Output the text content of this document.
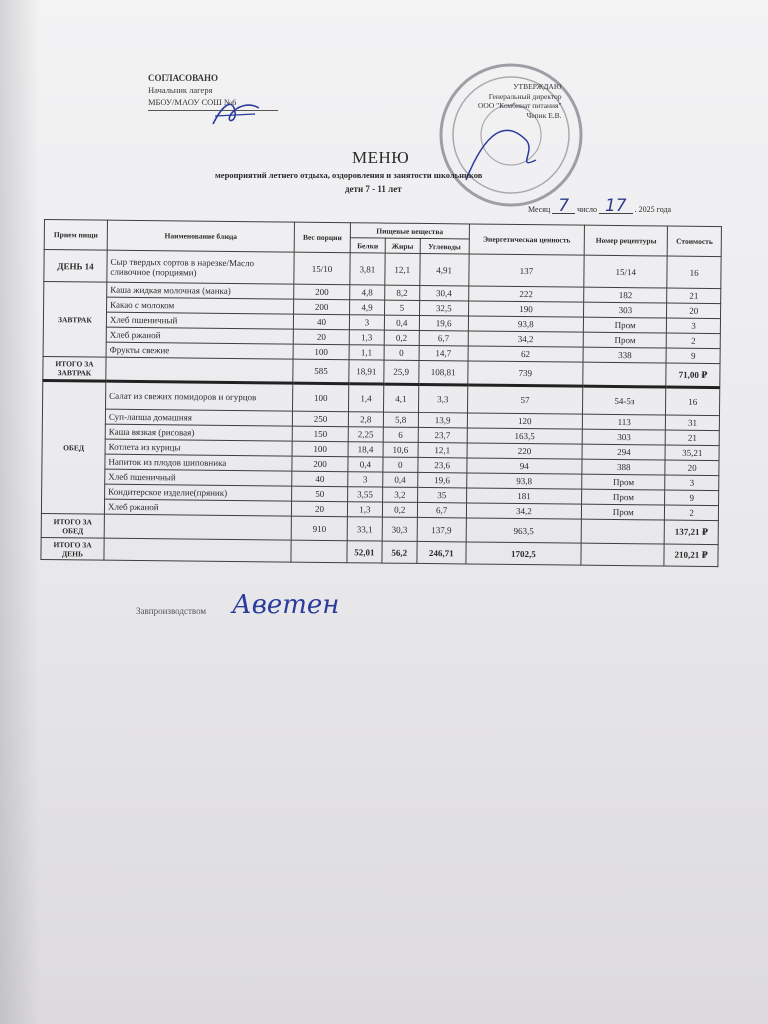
СОГЛАСОВАНО
Начальник лагеря
МБОУ/МАОУ СОШ №6
УТВЕРЖДАЮ
Генеральный директор
ООО "Комбинат питания"
Чепик Е.В.
МЕНЮ
мероприятий летнего отдыха, оздоровления и занятости школьников
дети 7 - 11 лет
Месяц 7	число 17	. 2025 года
Прием пищи	Наименование блюда	Вес порции	Пищевые вещества			Энергетическая ценность	Номер рецептуры	Стоимость
			Белки	Жиры	Углеводы			
ДЕНЬ 14	Сыр твердых сортов в нарезке/Масло сливочное (порциями)	15/10	3,81	12,1	4,91	137	15/14	16
ЗАВТРАК	Каша жидкая молочная (манка)	200	4,8	8,2	30,4	222	182	21
	Какао с молоком	200	4,9	5	32,5	190	303	20
	Хлеб пшеничный	40	3	0,4	19,6	93,8	Пром	3
	Хлеб ржаной	20	1,3	0,2	6,7	34,2	Пром	2
	Фрукты свежие	100	1,1	0	14,7	62	338	9
ИТОГО ЗА ЗАВТРАК		585	18,91	25,9	108,81	739		71,00 ₽
ОБЕД	Салат из свежих помидоров и огурцов	100	1,4	4,1	3,3	57	54-5з	16
	Суп-лапша домашняя	250	2,8	5,8	13,9	120	113	31
	Каша вязкая (рисовая)	150	2,25	6	23,7	163,5	303	21
	Котлета из курицы	100	18,4	10,6	12,1	220	294	35,21
	Напиток из плодов шиповника	200	0,4	0	23,6	94	388	20
	Хлеб пшеничный	40	3	0,4	19,6	93,8	Пром	3
	Кондитерское изделие(пряник)	50	3,55	3,2	35	181	Пром	9
	Хлеб ржаной	20	1,3	0,2	6,7	34,2	Пром	2
ИТОГО ЗА ОБЕД		910	33,1	30,3	137,9	963,5		137,21 ₽
ИТОГО ЗА ДЕНЬ			52,01	56,2	246,71	1702,5		210,21 ₽
Завпроизводством Аветен
